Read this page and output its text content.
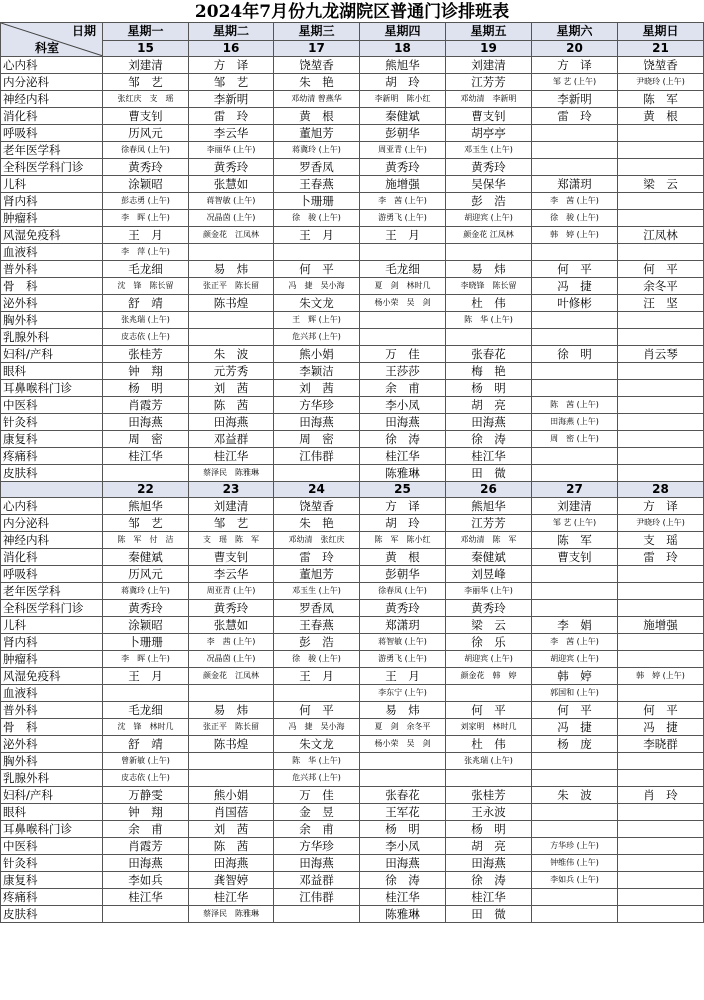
2024年7月份九龙湖院区普通门诊排班表
日期
科室	星期一	星期二	星期三	星期四	星期五	星期六	星期日
	15	16	17	18	19	20	21
心内科	刘建清	方　译	饶堃香	熊旭华	刘建清	方　译	饶堃香
内分泌科	邹　艺	邹　艺	朱　艳	胡　玲	江芳芳	邹 艺 (上午)	尹晓玲 (上午)
神经内科	张红庆　支　瑶	李新明	邓幼清 曾燕华	李新明　陈小红	邓幼清　李新明	李新明	陈　军
消化科	曹支钊	雷　玲	黄　根	秦健斌	曹支钊	雷　玲	黄　根
呼吸科	历风元	李云华	董旭芳	彭朝华	胡亭亭		
老年医学科	徐春凤 (上午)	李丽华 (上午)	蒋冀玲 (上午)	周亚青 (上午)	邓玉生 (上午)		
全科医学科门诊	黄秀玲	黄秀玲	罗香凤	黄秀玲	黄秀玲		
儿科	涂颖昭	张慧如	王春燕	施增强	吴保华	郑潇玥	梁　云
肾内科	彭志勇 (上午)	蒋智敏 (上午)	卜珊珊	李　茜 (上午)	彭　浩	李　茜 (上午)	
肿瘤科	李　晖 (上午)	况晶茵 (上午)	徐　骏 (上午)	游勇飞 (上午)	胡迎宾 (上午)	徐　骏 (上午)	
风湿免疫科	王　月	颜金花　江凤林	王　月	王　月	颜金花 江凤林	韩　婷 (上午)	江凤林
血液科	李　萍 (上午)						
普外科	毛龙细	易　炜	何　平	毛龙细	易　炜	何　平	何　平
骨　科	沈　锋　陈长留	张正平　陈长留	冯　捷　吴小海	夏　剑　林时几	李晓锋　陈长留	冯　捷	余冬平
泌外科	舒　靖	陈书煌	朱文龙	杨小荣　吴　剑	杜　伟	叶修彬	汪　坚
胸外科	张兆瑞 (上午)		王　辉 (上午)		陈　华 (上午)		
乳腺外科	皮志依 (上午)		危兴邦 (上午)				
妇科/产科	张桂芳	朱　波	熊小娟	万　佳	张春花	徐　明	肖云琴
眼科	钟　翔	元芳秀	李颖洁	王莎莎	梅　艳		
耳鼻喉科门诊	杨　明	刘　茜	刘　茜	余　甫	杨　明		
中医科	肖霞芳	陈　茜	方华珍	李小凤	胡　亮	陈　茜 (上午)	
针灸科	田海燕	田海燕	田海燕	田海燕	田海燕	田海燕 (上午)	
康复科	周　密	邓益群	周　密	徐　涛	徐　涛	周　密 (上午)	
疼痛科	桂江华	桂江华	江伟群	桂江华	桂江华		
皮肤科		蔡泽民　陈雅琳		陈雅琳	田　微		
	22	23	24	25	26	27	28
心内科	熊旭华	刘建清	饶堃香	方　译	熊旭华	刘建清	方　译
内分泌科	邹　艺	邹　艺	朱　艳	胡　玲	江芳芳	邹 艺 (上午)	尹晓玲 (上午)
神经内科	陈　军　付　洁	支　瑶　陈　军	邓幼清　张红庆	陈　军　陈小红	邓幼清　陈　军	陈　军	支　瑶
消化科	秦健斌	曹支钊	雷　玲	黄　根	秦健斌	曹支钊	雷　玲
呼吸科	历风元	李云华	董旭芳	彭朝华	刘昱峰		
老年医学科	蒋冀玲 (上午)	周亚青 (上午)	邓玉生 (上午)	徐春凤 (上午)	李丽华 (上午)		
全科医学科门诊	黄秀玲	黄秀玲	罗香凤	黄秀玲	黄秀玲		
儿科	涂颖昭	张慧如	王春燕	郑潇玥	梁　云	李　娟	施增强
肾内科	卜珊珊	李　茜 (上午)	彭　浩	蒋智敏 (上午)	徐　乐	李　茜 (上午)	
肿瘤科	李　晖 (上午)	况晶茵 (上午)	徐　骏 (上午)	游勇飞 (上午)	胡迎宾 (上午)	胡迎宾 (上午)	
风湿免疫科	王　月	颜金花　江凤林	王　月	王　月	颜金花　韩　婷	韩　婷	韩　婷 (上午)
血液科				李东宁 (上午)		郭国和 (上午)	
普外科	毛龙细	易　炜	何　平	易　炜	何　平	何　平	何　平
骨　科	沈　锋　林时几	张正平　陈长留	冯　捷　吴小海	夏　剑　余冬平	刘家明　林时几	冯　捷	冯　捷
泌外科	舒　靖	陈书煌	朱文龙	杨小荣　吴　剑	杜　伟	杨　庞	李晓群
胸外科	曾新敏 (上午)		陈　华 (上午)		张兆瑞 (上午)		
乳腺外科	皮志依 (上午)		危兴邦 (上午)				
妇科/产科	万静雯	熊小娟	万　佳	张春花	张桂芳	朱　波	肖　玲
眼科	钟　翔	肖国蓓	金　昱	王军花	王永波		
耳鼻喉科门诊	余　甫	刘　茜	余　甫	杨　明	杨　明		
中医科	肖霞芳	陈　茜	方华珍	李小凤	胡　亮	方华珍 (上午)	
针灸科	田海燕	田海燕	田海燕	田海燕	田海燕	钟维伟 (上午)	
康复科	李如兵	龚智婷	邓益群	徐　涛	徐　涛	李如兵 (上午)	
疼痛科	桂江华	桂江华	江伟群	桂江华	桂江华		
皮肤科		蔡泽民　陈雅琳		陈雅琳	田　微		
